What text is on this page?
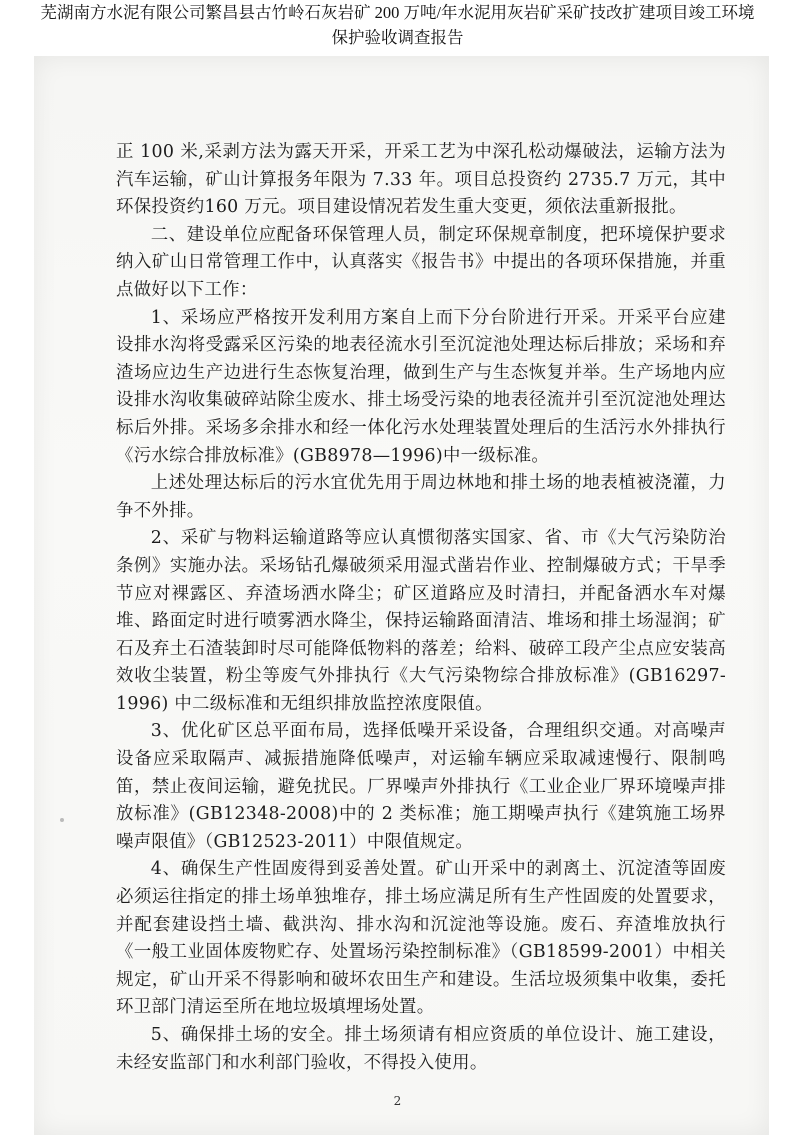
芜湖南方水泥有限公司繁昌县古竹岭石灰岩矿 200 万吨/年水泥用灰岩矿采矿技改扩建项目竣工环境
保护验收调查报告

正 100 米,采剥方法为露天开采，开采工艺为中深孔松动爆破法，运输方法为汽车运输，矿山计算报务年限为 7.33 年。项目总投资约 2735.7 万元，其中环保投资约160 万元。项目建设情况若发生重大变更，须依法重新报批。

二、建设单位应配备环保管理人员，制定环保规章制度，把环境保护要求纳入矿山日常管理工作中，认真落实《报告书》中提出的各项环保措施，并重点做好以下工作：

1、采场应严格按开发利用方案自上而下分台阶进行开采。开采平台应建设排水沟将受露采区污染的地表径流水引至沉淀池处理达标后排放；采场和弃渣场应边生产边进行生态恢复治理，做到生产与生态恢复并举。生产场地内应设排水沟收集破碎站除尘废水、排土场受污染的地表径流并引至沉淀池处理达标后外排。采场多余排水和经一体化污水处理装置处理后的生活污水外排执行《污水综合排放标准》(GB8978—1996)中一级标准。

上述处理达标后的污水宜优先用于周边林地和排土场的地表植被浇灌，力争不外排。

2、采矿与物料运输道路等应认真惯彻落实国家、省、市《大气污染防治条例》实施办法。采场钻孔爆破须采用湿式凿岩作业、控制爆破方式；干旱季节应对裸露区、弃渣场洒水降尘；矿区道路应及时清扫，并配备洒水车对爆堆、路面定时进行喷雾洒水降尘，保持运输路面清洁、堆场和排土场湿润；矿石及弃土石渣装卸时尽可能降低物料的落差；给料、破碎工段产尘点应安装高效收尘装置，粉尘等废气外排执行《大气污染物综合排放标准》(GB16297-1996) 中二级标准和无组织排放监控浓度限值。

3、优化矿区总平面布局，选择低噪开采设备，合理组织交通。对高噪声设备应采取隔声、减振措施降低噪声，对运输车辆应采取减速慢行、限制鸣笛，禁止夜间运输，避免扰民。厂界噪声外排执行《工业企业厂界环境噪声排放标准》(GB12348-2008)中的 2 类标准；施工期噪声执行《建筑施工场界噪声限值》（GB12523-2011）中限值规定。

4、确保生产性固废得到妥善处置。矿山开采中的剥离土、沉淀渣等固废必须运往指定的排土场单独堆存，排土场应满足所有生产性固废的处置要求，并配套建设挡土墙、截洪沟、排水沟和沉淀池等设施。废石、弃渣堆放执行《一般工业固体废物贮存、处置场污染控制标准》（GB18599-2001）中相关规定，矿山开采不得影响和破坏农田生产和建设。生活垃圾须集中收集，委托环卫部门清运至所在地垃圾填埋场处置。

5、确保排土场的安全。排土场须请有相应资质的单位设计、施工建设，未经安监部门和水利部门验收，不得投入使用。

2
